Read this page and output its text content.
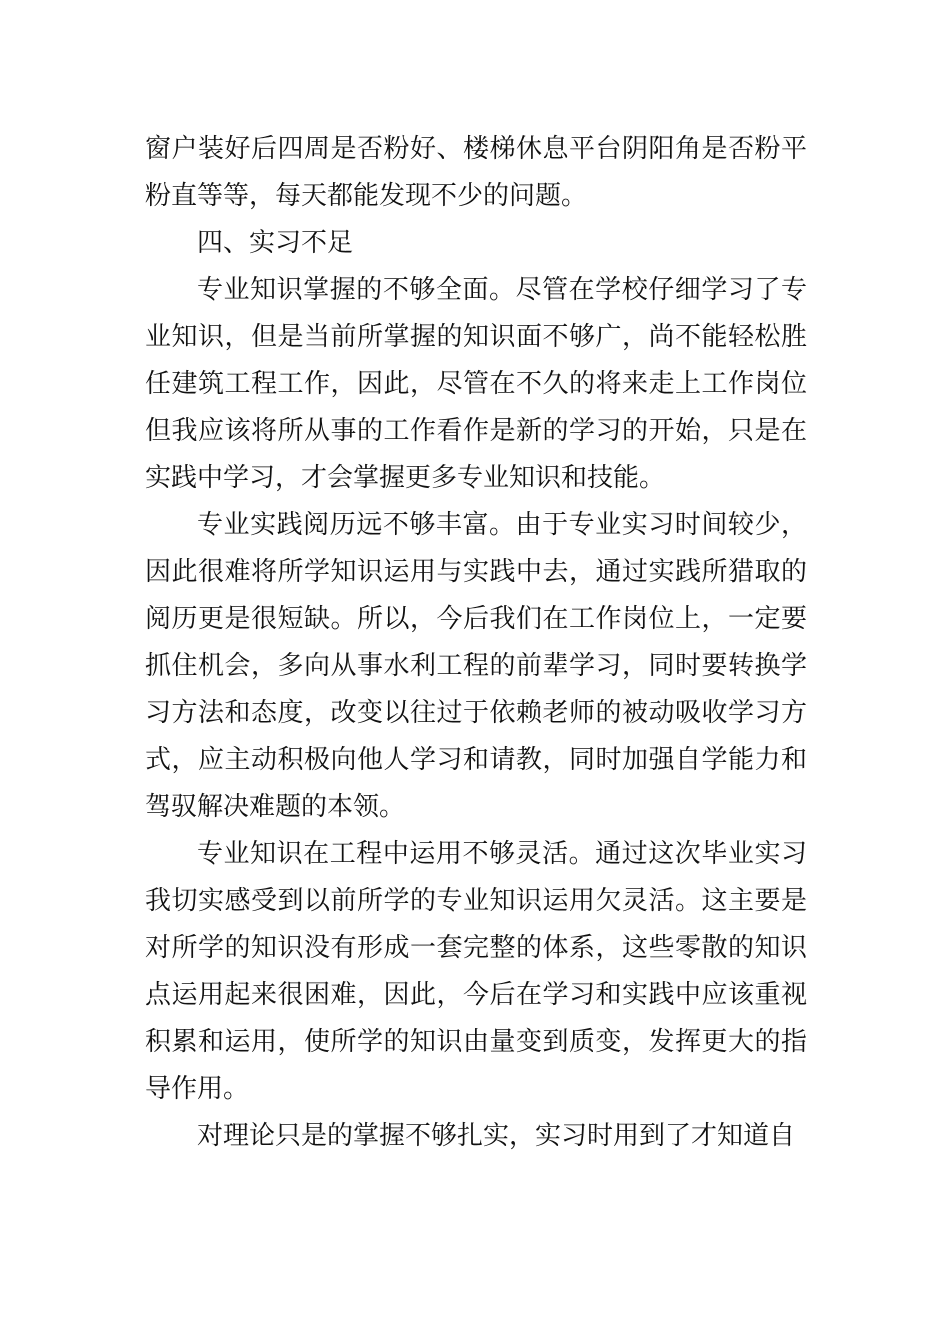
窗户装好后四周是否粉好、楼梯休息平台阴阳角是否粉平粉直等等，每天都能发现不少的问题。

四、实习不足

专业知识掌握的不够全面。尽管在学校仔细学习了专业知识，但是当前所掌握的知识面不够广，尚不能轻松胜任建筑工程工作，因此，尽管在不久的将来走上工作岗位但我应该将所从事的工作看作是新的学习的开始，只是在实践中学习，才会掌握更多专业知识和技能。

专业实践阅历远不够丰富。由于专业实习时间较少，因此很难将所学知识运用与实践中去，通过实践所猎取的阅历更是很短缺。所以，今后我们在工作岗位上，一定要抓住机会，多向从事水利工程的前辈学习，同时要转换学习方法和态度，改变以往过于依赖老师的被动吸收学习方式，应主动积极向他人学习和请教，同时加强自学能力和驾驭解决难题的本领。

专业知识在工程中运用不够灵活。通过这次毕业实习我切实感受到以前所学的专业知识运用欠灵活。这主要是对所学的知识没有形成一套完整的体系，这些零散的知识点运用起来很困难，因此，今后在学习和实践中应该重视积累和运用，使所学的知识由量变到质变，发挥更大的指导作用。

对理论只是的掌握不够扎实，实习时用到了才知道自
